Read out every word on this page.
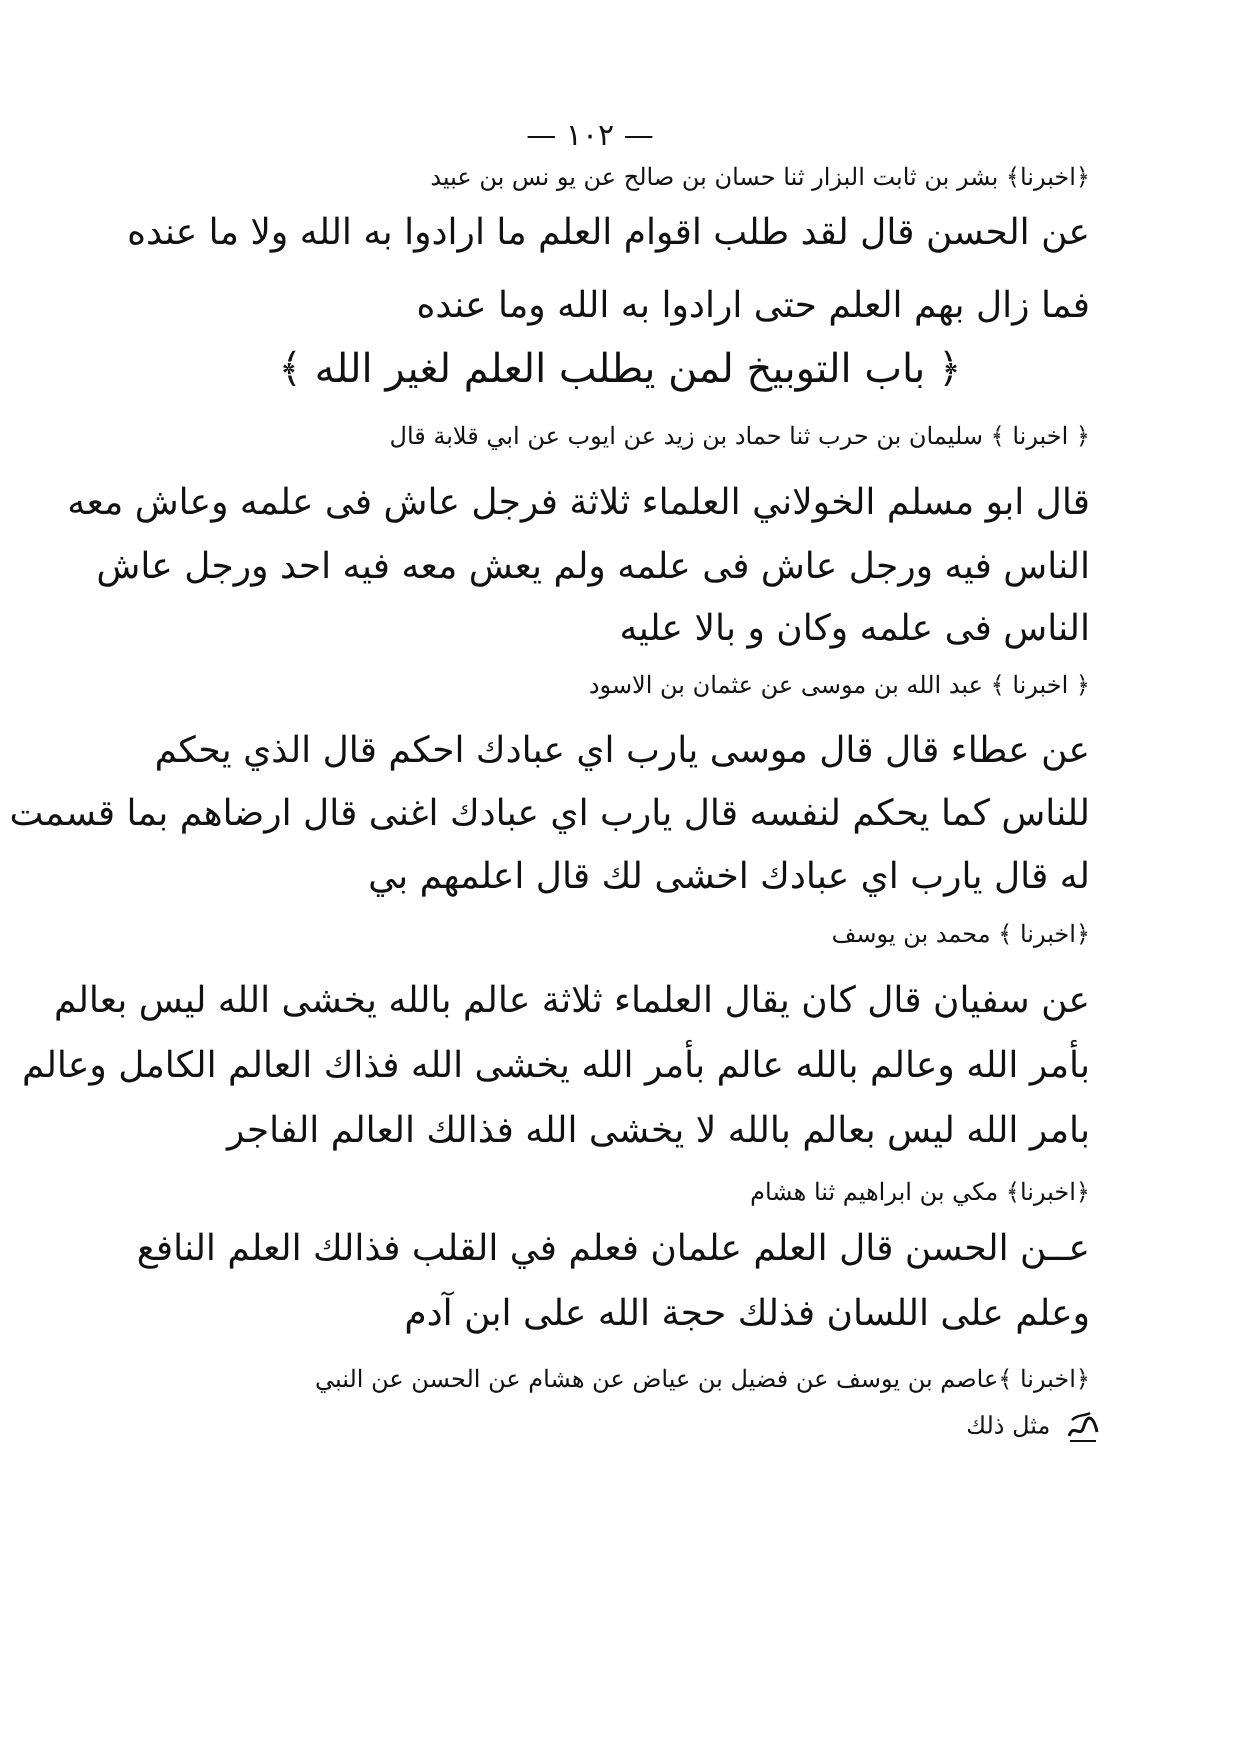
— ١٠٢ —
﴿اخبرنا﴾ بشر بن ثابت البزار ثنا حسان بن صالح عن يو نس بن عبيد
عن الحسن قال لقد طلب اقوام العلم ما ارادوا به الله ولا ما عنده
فما زال بهم العلم حتى ارادوا به الله وما عنده
﴿ باب التوبيخ لمن يطلب العلم لغير الله ﴾
﴿ اخبرنا ﴾ سليمان بن حرب ثنا حماد بن زيد عن ايوب عن ابي قلابة قال
قال ابو مسلم الخولاني العلماء ثلاثة فرجل عاش فى علمه وعاش معه
الناس فيه ورجل عاش فى علمه ولم يعش معه فيه احد ورجل عاش
الناس فى علمه وكان و بالا عليه
﴿ اخبرنا ﴾ عبد الله بن موسى عن عثمان بن الاسود
عن عطاء قال قال موسى يارب اي عبادك احكم قال الذي يحكم
للناس كما يحكم لنفسه قال يارب اي عبادك اغنى قال ارضاهم بما قسمت
له قال يارب اي عبادك اخشى لك قال اعلمهم بي
﴿اخبرنا ﴾ محمد بن يوسف
عن سفيان قال كان يقال العلماء ثلاثة عالم بالله يخشى الله ليس بعالم
بأمر الله وعالم بالله عالم بأمر الله يخشى الله فذاك العالم الكامل وعالم
بامر الله ليس بعالم بالله لا يخشى الله فذالك العالم الفاجر
﴿اخبرنا﴾ مكي بن ابراهيم ثنا هشام
عــن الحسن قال العلم علمان فعلم في القلب فذالك العلم النافع
وعلم على اللسان فذلك حجة الله على ابن آدم
﴿اخبرنا ﴾عاصم بن يوسف عن فضيل بن عياض عن هشام عن الحسن عن النبي
مثل ذلك
